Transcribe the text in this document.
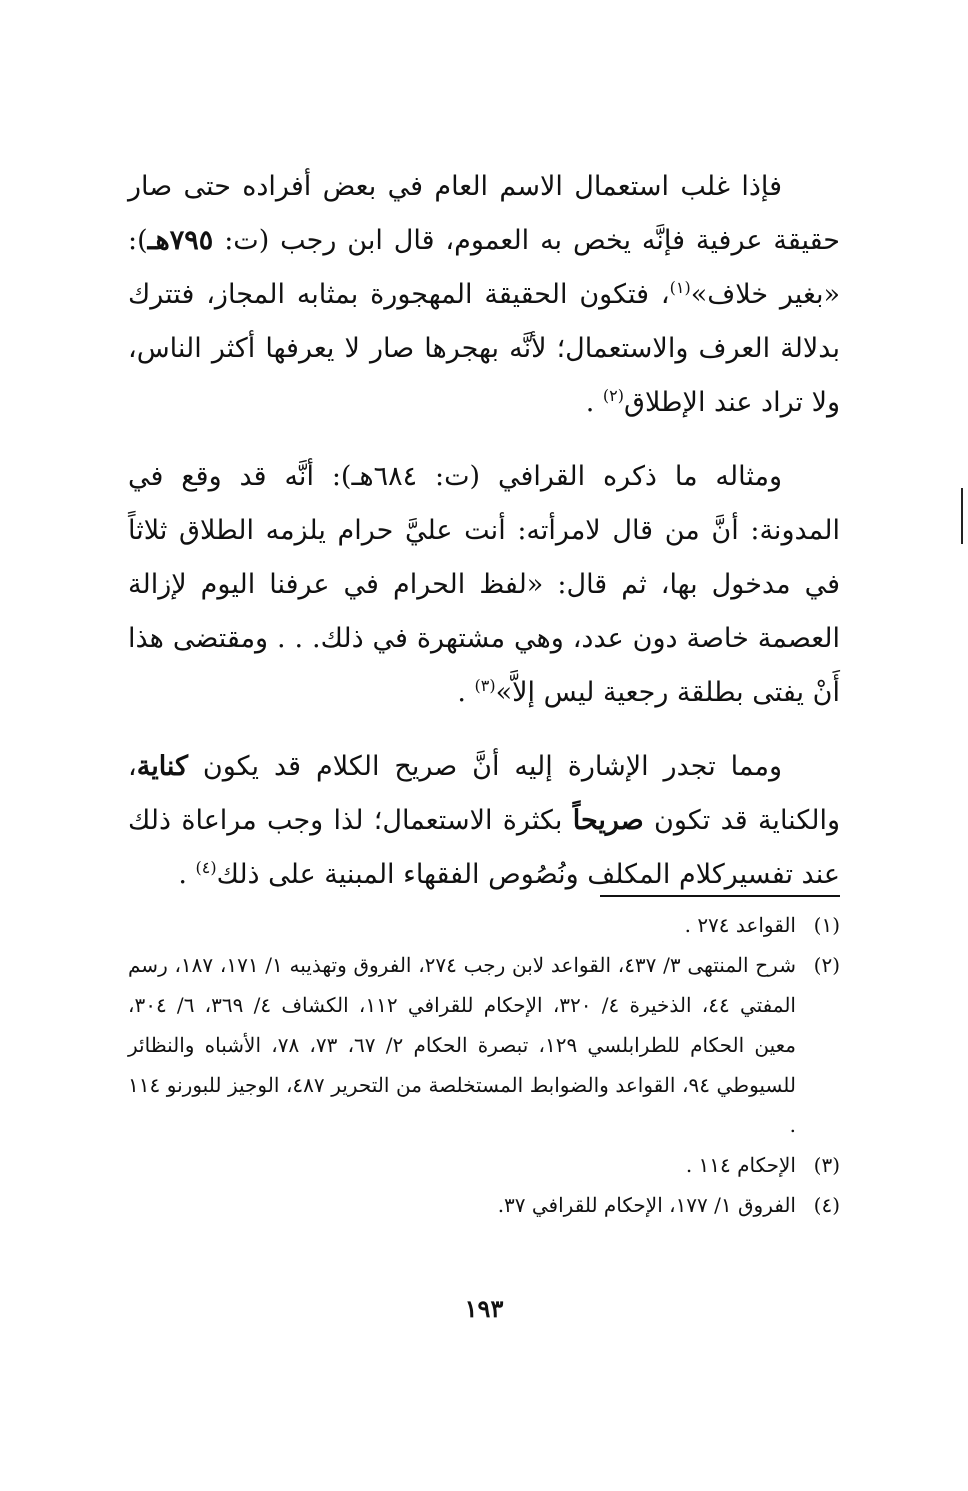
فإذا غلب استعمال الاسم العام في بعض أفراده حتى صار حقيقة عرفية فإنَّه يخص به العموم، قال ابن رجب (ت: ٧٩٥هـ): «بغير خلاف»$^{(١)}$، فتكون الحقيقة المهجورة بمثابه المجاز، فتترك بدلالة العرف والاستعمال؛ لأنَّه بهجرها صار لا يعرفها أكثر الناس، ولا تراد عند الإطلاق$^{(٢)}$ .

ومثاله ما ذكره القرافي (ت: ٦٨٤هـ): أنَّه قد وقع في المدونة: أنَّ من قال لامرأته: أنت عليَّ حرام يلزمه الطلاق ثلاثاً في مدخول بها، ثم قال: «لفظ الحرام في عرفنا اليوم لإزالة العصمة خاصة دون عدد، وهي مشتهرة في ذلك. . . ومقتضى هذا أَنْ يفتى بطلقة رجعية ليس إلاَّ»$^{(٣)}$ .

ومما تجدر الإشارة إليه أنَّ صريح الكلام قد يكون كناية، والكناية قد تكون صريحاً بكثرة الاستعمال؛ لذا وجب مراعاة ذلك عند تفسيركلام المكلف ونُصُوص الفقهاء المبنية على ذلك$^{(٤)}$ .

(١)
القواعد ٢٧٤ .
(٢)
شرح المنتهى ٣/ ٤٣٧، القواعد لابن رجب ٢٧٤، الفروق وتهذيبه ١/ ١٧١، ١٨٧، رسم المفتي ٤٤، الذخيرة ٤/ ٣٢٠، الإحكام للقرافي ١١٢، الكشاف ٤/ ٣٦٩، ٦/ ٣٠٤، معين الحكام للطرابلسي ١٢٩، تبصرة الحكام ٢/ ٦٧، ٧٣، ٧٨، الأشباه والنظائر للسيوطي ٩٤، القواعد والضوابط المستخلصة من التحرير ٤٨٧، الوجيز للبورنو ١١٤ .
(٣)
الإحكام ١١٤ .
(٤)
الفروق ١/ ١٧٧، الإحكام للقرافي ٣٧.
١٩٣
